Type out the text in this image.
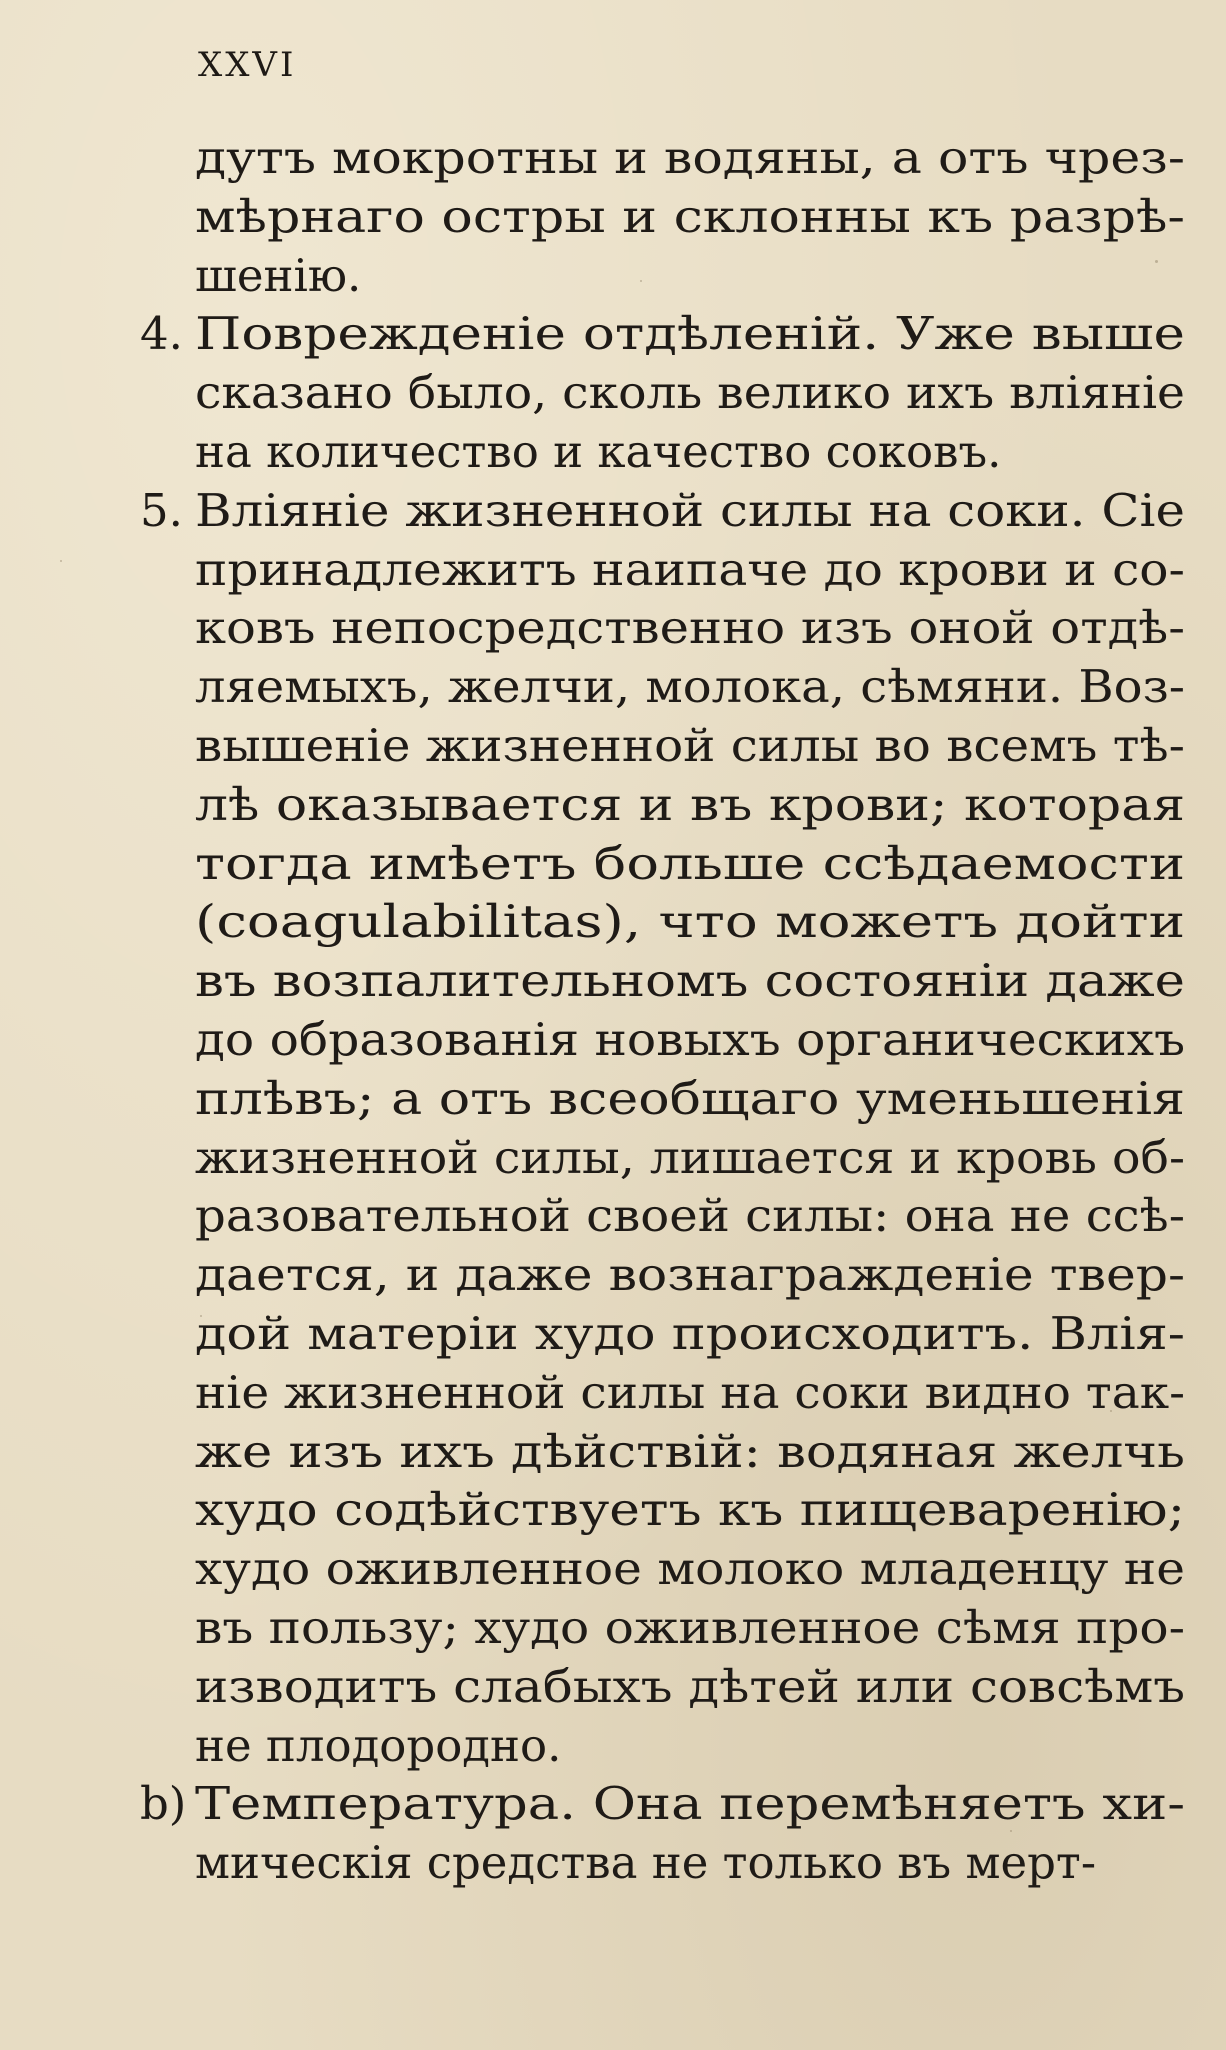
XXVI
дутъ мокротны и водяны, а отъ чрез-
мѣрнаго остры и склонны къ разрѣ-
шенiю.
4. Поврежденiе отдѣленiй. Уже выше
сказано было, сколь велико ихъ влiянiе
на количество и качество соковъ.
5. Влiянiе жизненной силы на соки. Сiе
принадлежитъ наипаче до крови и со-
ковъ непосредственно изъ оной отдѣ-
ляемыхъ, желчи, молока, сѣмяни. Воз-
вышенiе жизненной силы во всемъ тѣ-
лѣ оказывается и въ крови; которая
тогда имѣетъ больше ссѣдаемости
(coagulabilitas), что можетъ дойти
въ возпалительномъ состоянiи даже
до образованiя новыхъ органическихъ
плѣвъ; а отъ всеобщаго уменьшенiя
жизненной силы, лишается и кровь об-
разовательной своей силы: она не ссѣ-
дается, и даже вознагражденiе твер-
дой матерiи худо происходитъ. Влiя-
нiе жизненной силы на соки видно так-
же изъ ихъ дѣйствiй: водяная желчь
худо содѣйствуетъ къ пищеваренiю;
худо оживленное молоко младенцу не
въ пользу; худо оживленное сѣмя про-
изводитъ слабыхъ дѣтей или совсѣмъ
не плодородно.
b) Температура. Она перемѣняетъ хи-
мическiя средства не только въ мерт-
